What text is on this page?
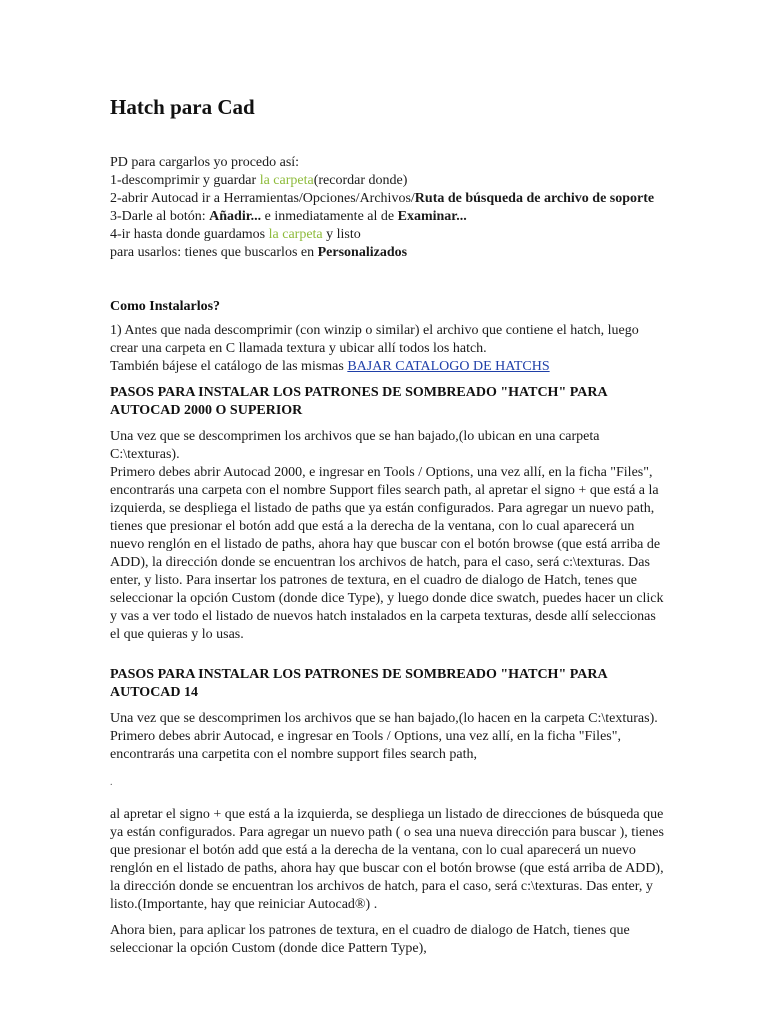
Hatch para Cad

PD para cargarlos yo procedo así:

1-descomprimir y guardar la carpeta(recordar donde)

2-abrir Autocad ir a Herramientas/Opciones/Archivos/Ruta de búsqueda de archivo de soporte

3-Darle al botón: Añadir... e inmediatamente al de Examinar...

4-ir hasta donde guardamos la carpeta y listo

para usarlos: tienes que buscarlos en Personalizados

Como Instalarlos?

1) Antes que nada descomprimir (con winzip o similar) el archivo que contiene el hatch, luego crear una carpeta en C llamada textura y ubicar allí todos los hatch.

También bájese el catálogo de las mismas BAJAR CATALOGO DE HATCHS

PASOS PARA INSTALAR LOS PATRONES DE SOMBREADO "HATCH" PARA AUTOCAD 2000 O SUPERIOR

Una vez que se descomprimen los archivos que se han bajado,(lo ubican en una carpeta C:\texturas).

Primero debes abrir Autocad 2000, e ingresar en Tools / Options, una vez allí, en la ficha "Files", encontrarás una carpeta con el nombre Support files search path, al apretar el signo + que está a la izquierda, se despliega el listado de paths que ya están configurados. Para agregar un nuevo path, tienes que presionar el botón add que está a la derecha de la ventana, con lo cual aparecerá un nuevo renglón en el listado de paths, ahora hay que buscar con el botón browse (que está arriba de ADD), la dirección donde se encuentran los archivos de hatch, para el caso, será c:\texturas. Das enter, y listo. Para insertar los patrones de textura, en el cuadro de dialogo de Hatch, tenes que seleccionar la opción Custom (donde dice Type), y luego donde dice swatch, puedes hacer un click y vas a ver todo el listado de nuevos hatch instalados en la carpeta texturas, desde allí seleccionas el que quieras y lo usas.

PASOS PARA INSTALAR LOS PATRONES DE SOMBREADO "HATCH" PARA AUTOCAD 14

Una vez que se descomprimen los archivos que se han bajado,(lo hacen en la carpeta C:\texturas).

Primero debes abrir Autocad, e ingresar en Tools / Options, una vez allí, en la ficha "Files", encontrarás una carpetita con el nombre support files search path,

.

al apretar el signo + que está a la izquierda, se despliega un listado de direcciones de búsqueda que ya están configurados. Para agregar un nuevo path ( o sea una nueva dirección para buscar ), tienes que presionar el botón add que está a la derecha de la ventana, con lo cual aparecerá un nuevo renglón en el listado de paths, ahora hay que buscar con el botón browse (que está arriba de ADD), la dirección donde se encuentran los archivos de hatch, para el caso, será c:\texturas. Das enter, y listo.(Importante, hay que reiniciar Autocad®) .

Ahora bien, para aplicar los patrones de textura, en el cuadro de dialogo de Hatch, tienes que seleccionar la opción Custom (donde dice Pattern Type),
